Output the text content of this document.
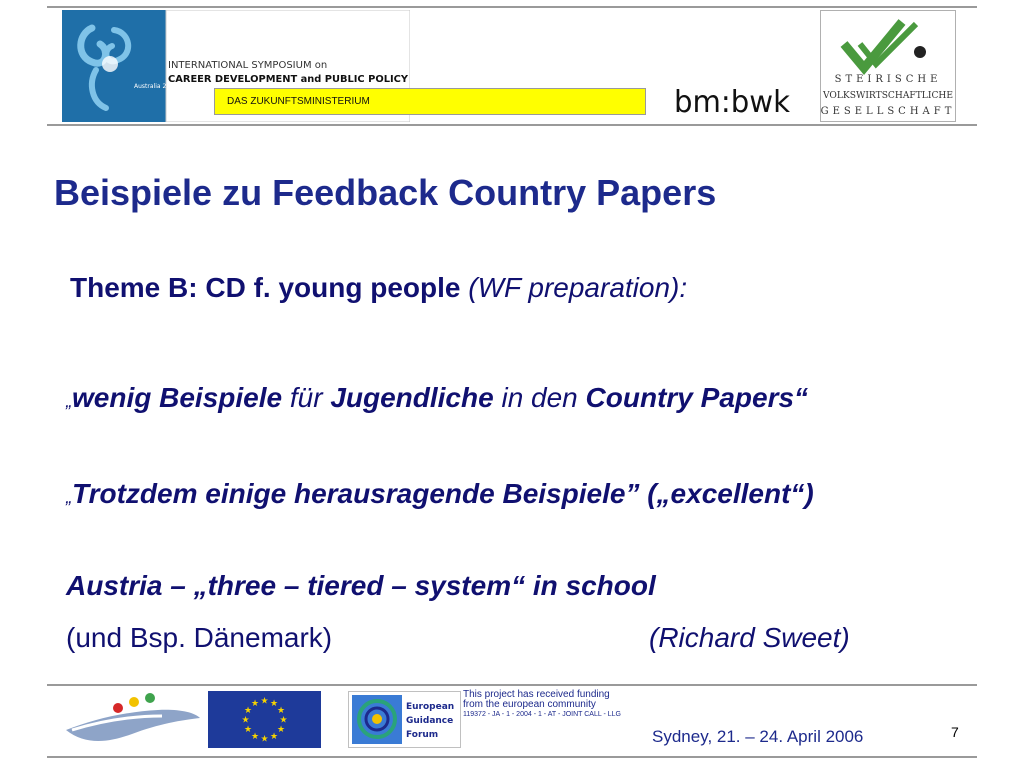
Australia 2006
INTERNATIONAL SYMPOSIUM on
CAREER DEVELOPMENT and PUBLIC POLICY
DAS ZUKUNFTSMINISTERIUM	bm:bwk
STEIRISCHE
VOLKSWIRTSCHAFTLICHE
GESELLSCHAFT
Beispiele zu Feedback Country Papers

Theme B: CD f. young people (WF preparation):

„wenig Beispiele für Jugendliche in den Country Papers“

„Trotzdem einige herausragende Beispiele” („excellent“)

Austria – „three – tiered – system“ in school

(und Bsp. Dänemark)	(Richard Sweet)

★ ★
★
★
★
★
★
★
★
★
★
★	European
Guidance
Forum
This project has received funding
from the european community
119372 - JA - 1 - 2004 - 1 - AT - JOINT CALL - LLG
Sydney, 21. – 24. April 2006	7
